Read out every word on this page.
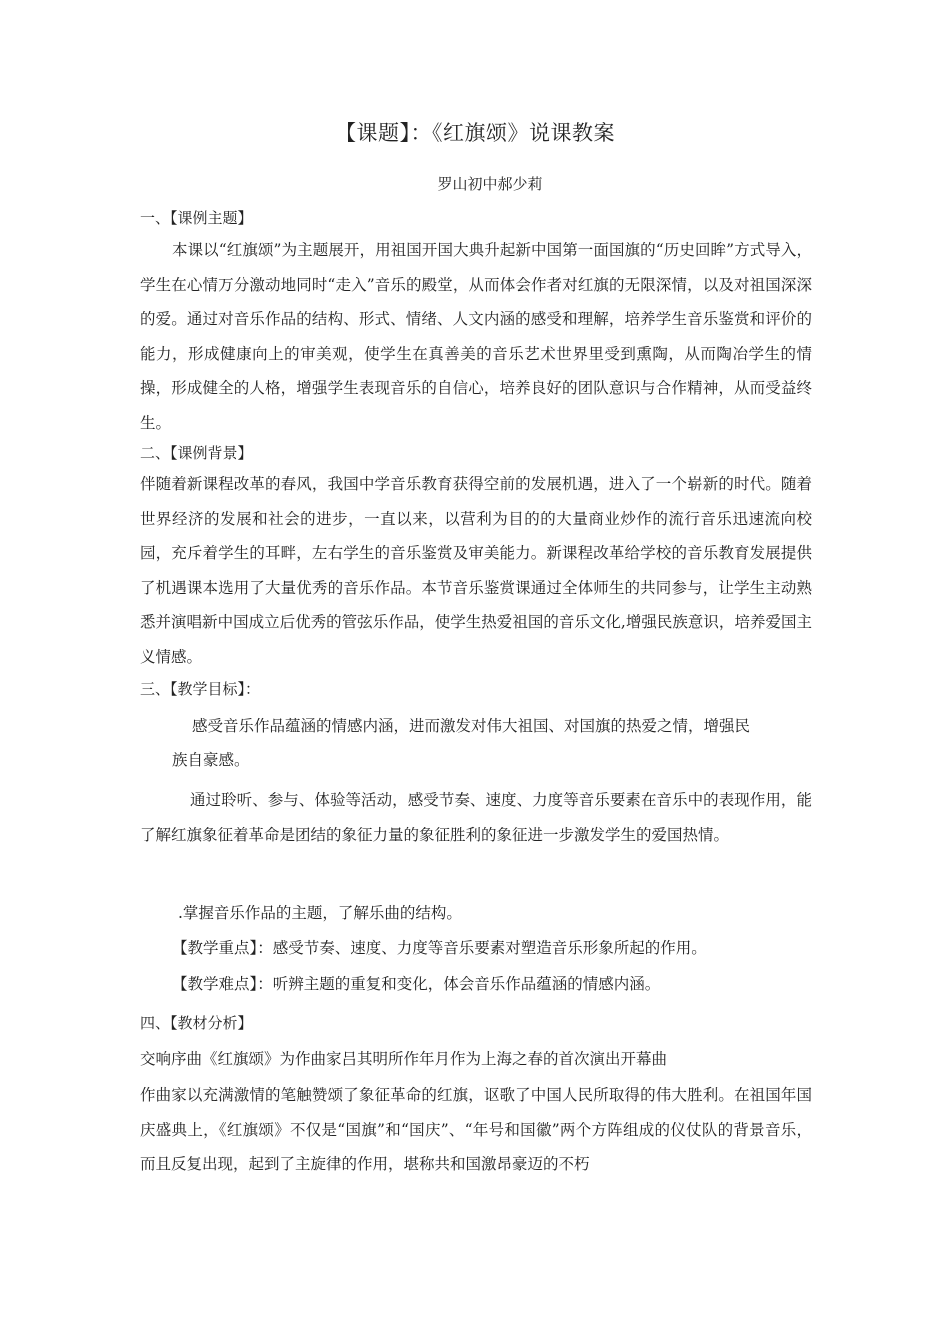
【课题】：《红旗颂》说课教案
罗山初中郝少莉
一、【课例主题】

本课以“红旗颂”为主题展开，用祖国开国大典升起新中国第一面国旗的“历史回眸”方式导入，学生在心情万分激动地同时“走入”音乐的殿堂，从而体会作者对红旗的无限深情，以及对祖国深深的爱。通过对音乐作品的结构、形式、情绪、人文内涵的感受和理解，培养学生音乐鉴赏和评价的能力，形成健康向上的审美观，使学生在真善美的音乐艺术世界里受到熏陶，从而陶冶学生的情操，形成健全的人格，增强学生表现音乐的自信心，培养良好的团队意识与合作精神，从而受益终生。

二、【课例背景】

伴随着新课程改革的春风，我国中学音乐教育获得空前的发展机遇，进入了一个崭新的时代。随着世界经济的发展和社会的进步，一直以来，以营利为目的的大量商业炒作的流行音乐迅速流向校园，充斥着学生的耳畔，左右学生的音乐鉴赏及审美能力。新课程改革给学校的音乐教育发展提供了机遇课本选用了大量优秀的音乐作品。本节音乐鉴赏课通过全体师生的共同参与，让学生主动熟悉并演唱新中国成立后优秀的管弦乐作品，使学生热爱祖国的音乐文化,增强民族意识，培养爱国主义情感。

三、【教学目标】：
感受音乐作品蕴涵的情感内涵，进而激发对伟大祖国、对国旗的热爱之情，增强民
族自豪感。

通过聆听、参与、体验等活动，感受节奏、速度、力度等音乐要素在音乐中的表现作用，能了解红旗象征着革命是团结的象征力量的象征胜利的象征进一步激发学生的爱国热情。

.掌握音乐作品的主题，了解乐曲的结构。
【教学重点】：感受节奏、速度、力度等音乐要素对塑造音乐形象所起的作用。
【教学难点】：听辨主题的重复和变化，体会音乐作品蕴涵的情感内涵。
四、【教材分析】
交响序曲《红旗颂》为作曲家吕其明所作年月作为上海之春的首次演出开幕曲

作曲家以充满激情的笔触赞颂了象征革命的红旗，讴歌了中国人民所取得的伟大胜利。在祖国年国庆盛典上，《红旗颂》不仅是“国旗”和“国庆”、“年号和国徽”两个方阵组成的仪仗队的背景音乐，而且反复出现，起到了主旋律的作用，堪称共和国激昂豪迈的不朽
